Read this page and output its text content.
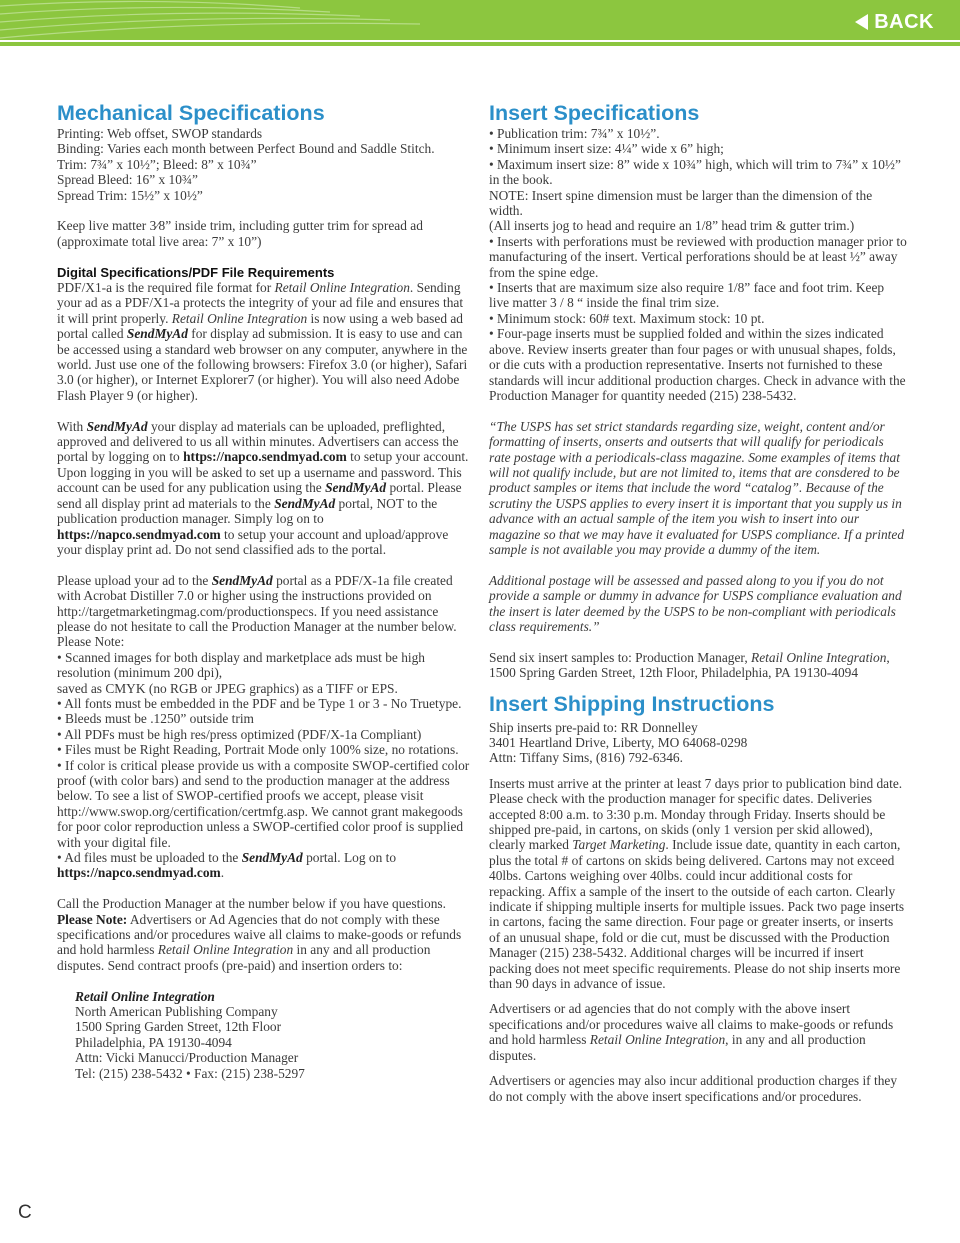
BACK
Mechanical Specifications

Printing: Web offset, SWOP standards

Binding: Varies each month between Perfect Bound and Saddle Stitch.

Trim: 7¾” x 10½”; Bleed: 8” x 10¾”

Spread Bleed: 16” x 10¾”

Spread Trim: 15½” x 10½”

Keep live matter 3⁄8” inside trim, including gutter trim for spread ad (approximate total live area: 7” x 10”)

Digital Specifications/PDF File Requirements

PDF/X1-a is the required file format for Retail Online Integration. Sending your ad as a PDF/X1-a protects the integrity of your ad file and ensures that it will print properly. Retail Online Integration is now using a web based ad portal called SendMyAd for display ad submission. It is easy to use and can be accessed using a standard web browser on any computer, anywhere in the world. Just use one of the following browsers: Firefox 3.0 (or higher), Safari 3.0 (or higher), or Internet Explorer7 (or higher). You will also need Adobe Flash Player 9 (or higher).

With SendMyAd your display ad materials can be uploaded, preflighted, approved and delivered to us all within minutes. Advertisers can access the portal by logging on to https://napco.sendmyad.com to setup your account. Upon logging in you will be asked to set up a username and password. This account can be used for any publication using the SendMyAd portal. Please send all display print ad materials to the SendMyAd portal, NOT to the publication production manager. Simply log on to https://napco.sendmyad.com to setup your account and upload/approve your display print ad. Do not send classified ads to the portal.

Please upload your ad to the SendMyAd portal as a PDF/X-1a file created with Acrobat Distiller 7.0 or higher using the instructions provided on http://targetmarketingmag.com/productionspecs. If you need assistance please do not hesitate to call the Production Manager at the number below. Please Note:

• Scanned images for both display and marketplace ads must be high resolution (minimum 200 dpi),

saved as CMYK (no RGB or JPEG graphics) as a TIFF or EPS.

• All fonts must be embedded in the PDF and be Type 1 or 3 - No Truetype.

• Bleeds must be .1250” outside trim

• All PDFs must be high res/press optimized (PDF/X-1a Compliant)

• Files must be Right Reading, Portrait Mode only 100% size, no rotations.

• If color is critical please provide us with a composite SWOP-certified color proof (with color bars) and send to the production manager at the address below. To see a list of SWOP-certified proofs we accept, please visit http://www.swop.org/certification/certmfg.asp. We cannot grant makegoods for poor color reproduction unless a SWOP-certified color proof is supplied with your digital file.

• Ad files must be uploaded to the SendMyAd portal. Log on to https://napco.sendmyad.com.

Call the Production Manager at the number below if you have questions.

Please Note: Advertisers or Ad Agencies that do not comply with these specifications and/or procedures waive all claims to make-goods or refunds and hold harmless Retail Online Integration in any and all production disputes. Send contract proofs (pre-paid) and insertion orders to:

Retail Online Integration

North American Publishing Company

1500 Spring Garden Street, 12th Floor

Philadelphia, PA 19130-4094

Attn: Vicki Manucci/Production Manager

Tel: (215) 238-5432 • Fax: (215) 238-5297

Insert Specifications

• Publication trim: 7¾” x 10½”.

• Minimum insert size: 4¼” wide x 6” high;

• Maximum insert size: 8” wide x 10¾” high, which will trim to 7¾” x 10½” in the book.

NOTE: Insert spine dimension must be larger than the dimension of the width.

(All inserts jog to head and require an 1/8” head trim & gutter trim.)

• Inserts with perforations must be reviewed with production manager prior to manufacturing of the insert. Vertical perforations should be at least ½” away from the spine edge.

• Inserts that are maximum size also require 1/8” face and foot trim. Keep live matter 3 / 8 “ inside the final trim size.

• Minimum stock: 60# text. Maximum stock: 10 pt.

• Four-page inserts must be supplied folded and within the sizes indicated above. Review inserts greater than four pages or with unusual shapes, folds, or die cuts with a production representative. Inserts not furnished to these standards will incur additional production charges. Check in advance with the Production Manager for quantity needed (215) 238-5432.

“The USPS has set strict standards regarding size, weight, content and/or formatting of inserts, onserts and outserts that will qualify for periodicals rate postage with a periodicals-class magazine. Some examples of items that will not qualify include, but are not limited to, items that are consdered to be product samples or items that include the word “catalog”. Because of the scrutiny the USPS applies to every insert it is important that you supply us in advance with an actual sample of the item you wish to insert into our magazine so that we may have it evaluated for USPS compliance. If a printed sample is not available you may provide a dummy of the item.

Additional postage will be assessed and passed along to you if you do not provide a sample or dummy in advance for USPS compliance evaluation and the insert is later deemed by the USPS to be non-compliant with periodicals class requirements.”

Send six insert samples to: Production Manager, Retail Online Integration, 1500 Spring Garden Street, 12th Floor, Philadelphia, PA 19130-4094

Insert Shipping Instructions

Ship inserts pre-paid to: RR Donnelley

3401 Heartland Drive, Liberty, MO 64068-0298

Attn: Tiffany Sims, (816) 792-6346.

Inserts must arrive at the printer at least 7 days prior to publication bind date. Please check with the production manager for specific dates. Deliveries accepted 8:00 a.m. to 3:30 p.m. Monday through Friday. Inserts should be shipped pre-paid, in cartons, on skids (only 1 version per skid allowed), clearly marked Target Marketing. Include issue date, quantity in each carton, plus the total # of cartons on skids being delivered. Cartons may not exceed 40lbs. Cartons weighing over 40lbs. could incur additional costs for repacking. Affix a sample of the insert to the outside of each carton. Clearly indicate if shipping multiple inserts for multiple issues. Pack two page inserts in cartons, facing the same direction. Four page or greater inserts, or inserts of an unusual shape, fold or die cut, must be discussed with the Production Manager (215) 238-5432. Additional charges will be incurred if insert packing does not meet specific requirements. Please do not ship inserts more than 90 days in advance of issue.

Advertisers or ad agencies that do not comply with the above insert specifications and/or procedures waive all claims to make-goods or refunds and hold harmless Retail Online Integration, in any and all production disputes.

Advertisers or agencies may also incur additional production charges if they do not comply with the above insert specifications and/or procedures.

C
